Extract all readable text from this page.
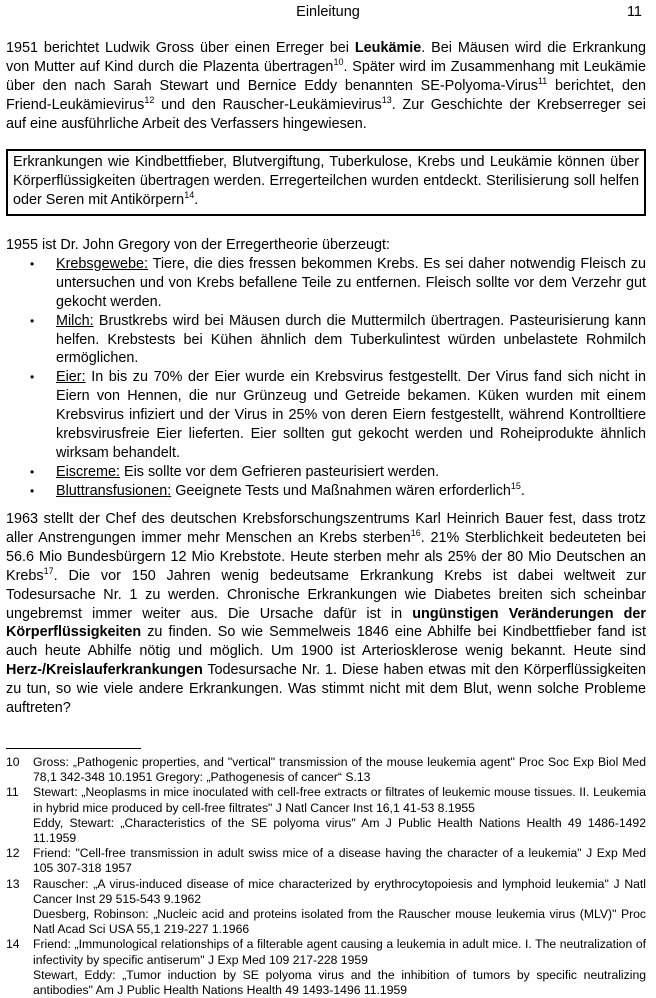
Einleitung	11

1951 berichtet Ludwik Gross über einen Erreger bei Leukämie. Bei Mäusen wird die Erkrankung von Mutter auf Kind durch die Plazenta übertragen$^{10}$. Später wird im Zusammenhang mit Leukämie über den nach Sarah Stewart und Bernice Eddy benannten SE-Polyoma-Virus$^{11}$ berichtet, den Friend-Leukämievirus$^{12}$ und den Rauscher-Leukämievirus$^{13}$. Zur Geschichte der Krebserreger sei auf eine ausführliche Arbeit des Verfassers hingewiesen.

Erkrankungen wie Kindbettfieber, Blutvergiftung, Tuberkulose, Krebs und Leukämie können über Körperflüssigkeiten übertragen werden. Erregerteilchen wurden entdeckt. Sterilisierung soll helfen oder Seren mit Antikörpern$^{14}$.

1955 ist Dr. John Gregory von der Erregertheorie überzeugt:

• Krebsgewebe: Tiere, die dies fressen bekommen Krebs. Es sei daher notwendig Fleisch zu untersuchen und von Krebs befallene Teile zu entfernen. Fleisch sollte vor dem Verzehr gut gekocht werden.
• Milch: Brustkrebs wird bei Mäusen durch die Muttermilch übertragen. Pasteurisierung kann helfen. Krebstests bei Kühen ähnlich dem Tuberkulintest würden unbelastete Rohmilch ermöglichen.
• Eier: In bis zu 70% der Eier wurde ein Krebsvirus festgestellt. Der Virus fand sich nicht in Eiern von Hennen, die nur Grünzeug und Getreide bekamen. Küken wurden mit einem Krebsvirus infiziert und der Virus in 25% von deren Eiern festgestellt, während Kontrolltiere krebsvirusfreie Eier lieferten. Eier sollten gut gekocht werden und Roheiprodukte ähnlich wirksam behandelt.
• Eiscreme: Eis sollte vor dem Gefrieren pasteurisiert werden.
• Bluttransfusionen: Geeignete Tests und Maßnahmen wären erforderlich$^{15}$.

1963 stellt der Chef des deutschen Krebsforschungszentrums Karl Heinrich Bauer fest, dass trotz aller Anstrengungen immer mehr Menschen an Krebs sterben$^{16}$. 21% Sterblichkeit bedeuteten bei 56.6 Mio Bundesbürgern 12 Mio Krebstote. Heute sterben mehr als 25% der 80 Mio Deutschen an Krebs$^{17}$. Die vor 150 Jahren wenig bedeutsame Erkrankung Krebs ist dabei weltweit zur Todesursache Nr. 1 zu werden. Chronische Erkrankungen wie Diabetes breiten sich scheinbar ungebremst immer weiter aus. Die Ursache dafür ist in ungünstigen Veränderungen der Körperflüssigkeiten zu finden. So wie Semmelweis 1846 eine Abhilfe bei Kindbettfieber fand ist auch heute Abhilfe nötig und möglich. Um 1900 ist Arteriosklerose wenig bekannt. Heute sind Herz-/Kreislauferkrankungen Todesursache Nr. 1. Diese haben etwas mit den Körperflüssigkeiten zu tun, so wie viele andere Erkrankungen. Was stimmt nicht mit dem Blut, wenn solche Probleme auftreten?

10 Gross: „Pathogenic properties, and "vertical" transmission of the mouse leukemia agent" Proc Soc Exp Biol Med 78,1 342-348 10.1951 Gregory: „Pathogenesis of cancer“ S.13
11 Stewart: „Neoplasms in mice inoculated with cell-free extracts or filtrates of leukemic mouse tissues. II. Leukemia in hybrid mice produced by cell-free filtrates" J Natl Cancer Inst 16,1 41-53 8.1955
Eddy, Stewart: „Characteristics of the SE polyoma virus" Am J Public Health Nations Health 49 1486-1492 11.1959
12 Friend: "Cell-free transmission in adult swiss mice of a disease having the character of a leukemia" J Exp Med 105 307-318 1957
13 Rauscher: „A virus-induced disease of mice characterized by erythrocytopoiesis and lymphoid leukemia" J Natl Cancer Inst 29 515-543 9.1962
Duesberg, Robinson: „Nucleic acid and proteins isolated from the Rauscher mouse leukemia virus (MLV)" Proc Natl Acad Sci USA 55,1 219-227 1.1966
14 Friend: „Immunological relationships of a filterable agent causing a leukemia in adult mice. I. The neutralization of infectivity by specific antiserum" J Exp Med 109 217-228 1959
Stewart, Eddy: „Tumor induction by SE polyoma virus and the inhibition of tumors by specific neutralizing antibodies" Am J Public Health Nations Health 49 1493-1496 11.1959
